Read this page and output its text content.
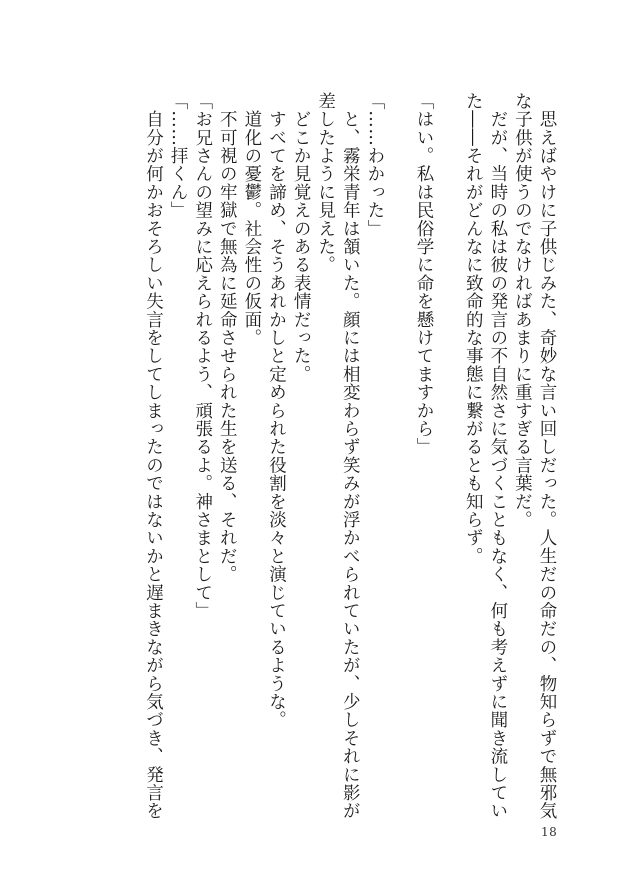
　思えばやけに子供じみた、奇妙な言い回しだった。人生だの命だの、物知らずで無邪気

な子供が使うのでなければあまりに重すぎる言葉だ。

　だが、当時の私は彼の発言の不自然さに気づくこともなく、何も考えずに聞き流してい

た――それがどんなに致命的な事態に繋がるとも知らず。

「はい。私は民俗学に命を懸けてますから」

「……わかった」

　と、霧栄青年は頷いた。顔には相変わらず笑みが浮かべられていたが、少しそれに影が

差したように見えた。

　どこか見覚えのある表情だった。

　すべてを諦め、そうあれかしと定められた役割を淡々と演じているような。

　道化の憂鬱。社会性の仮面。

　不可視の牢獄で無為に延命させられた生を送る、それだ。

「お兄さんの望みに応えられるよう、頑張るよ。神さまとして」

「……拝くん」

　自分が何かおそろしい失言をしてしまったのではないかと遅まきながら気づき、発言を

18
